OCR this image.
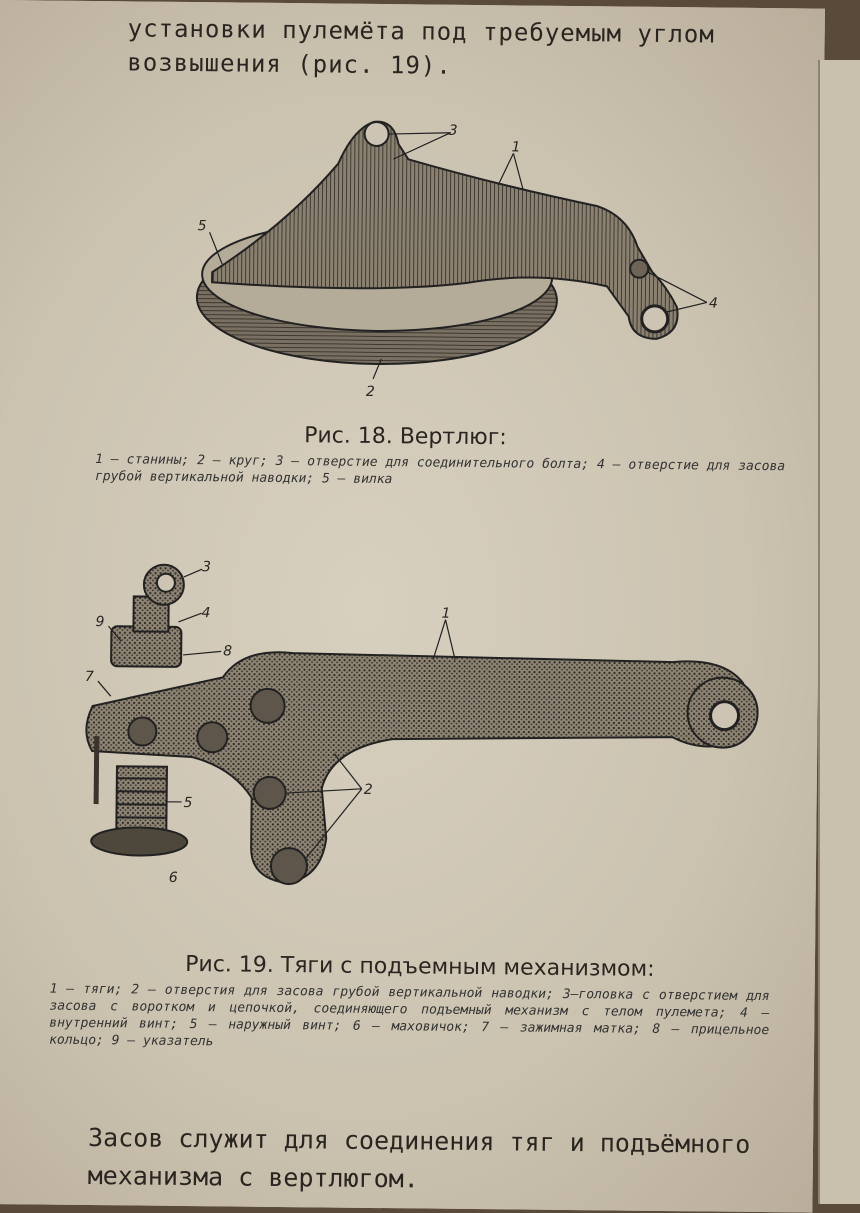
установки пулемёта под требуемым углом возвышения (рис. 19).
3
1
4
2
5
Рис. 18. Вертлюг:
1 — станины; 2 — круг; 3 — отверстие для соединительного болта; 4 — отверстие для засова грубой вертикальной наводки; 5 — вилка
3
4
9
8
7
1
2
5
6
Рис. 19. Тяги с подъемным механизмом:
1 — тяги; 2 — отверстия для засова грубой вертикальной наводки; 3—головка с отверстием для засова с воротком и цепочкой, соединяющего подъемный механизм с телом пулемета; 4 — внутренний винт; 5 — наружный винт; 6 — маховичок; 7 — зажимная матка; 8 — прицельное кольцо; 9 — указатель
Засов служит для соединения тяг и подъёмного механизма с вертлюгом.
